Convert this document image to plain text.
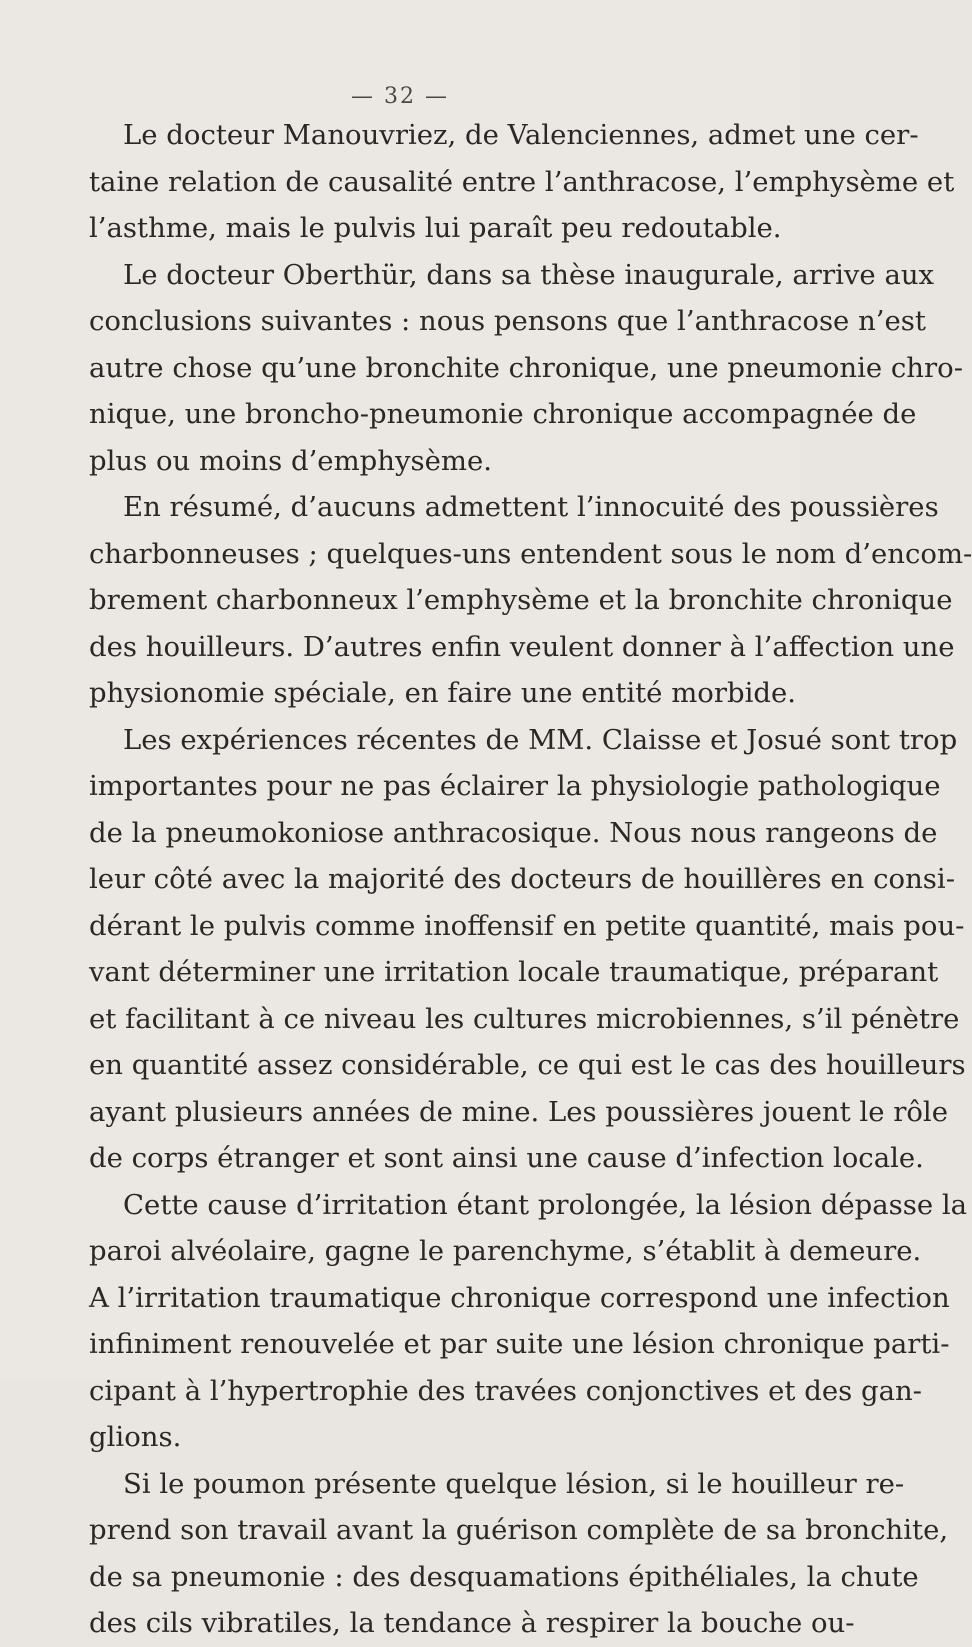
— 32 —
Le docteur Manouvriez, de Valenciennes, admet une cer-
taine relation de causalité entre l’anthracose, l’emphysème et
l’asthme, mais le pulvis lui paraît peu redoutable.
Le docteur Oberthür, dans sa thèse inaugurale, arrive aux
conclusions suivantes : nous pensons que l’anthracose n’est
autre chose qu’une bronchite chronique, une pneumonie chro-
nique, une broncho-pneumonie chronique accompagnée de
plus ou moins d’emphysème.
En résumé, d’aucuns admettent l’innocuité des poussières
charbonneuses ; quelques-uns entendent sous le nom d’encom-
brement charbonneux l’emphysème et la bronchite chronique
des houilleurs. D’autres enfin veulent donner à l’affection une
physionomie spéciale, en faire une entité morbide.
Les expériences récentes de MM. Claisse et Josué sont trop
importantes pour ne pas éclairer la physiologie pathologique
de la pneumokoniose anthracosique. Nous nous rangeons de
leur côté avec la majorité des docteurs de houillères en consi-
dérant le pulvis comme inoffensif en petite quantité, mais pou-
vant déterminer une irritation locale traumatique, préparant
et facilitant à ce niveau les cultures microbiennes, s’il pénètre
en quantité assez considérable, ce qui est le cas des houilleurs
ayant plusieurs années de mine. Les poussières jouent le rôle
de corps étranger et sont ainsi une cause d’infection locale.
Cette cause d’irritation étant prolongée, la lésion dépasse la
paroi alvéolaire, gagne le parenchyme, s’établit à demeure.
A l’irritation traumatique chronique correspond une infection
infiniment renouvelée et par suite une lésion chronique parti-
cipant à l’hypertrophie des travées conjonctives et des gan-
glions.
Si le poumon présente quelque lésion, si le houilleur re-
prend son travail avant la guérison complète de sa bronchite,
de sa pneumonie : des desquamations épithéliales, la chute
des cils vibratiles, la tendance à respirer la bouche ou-
